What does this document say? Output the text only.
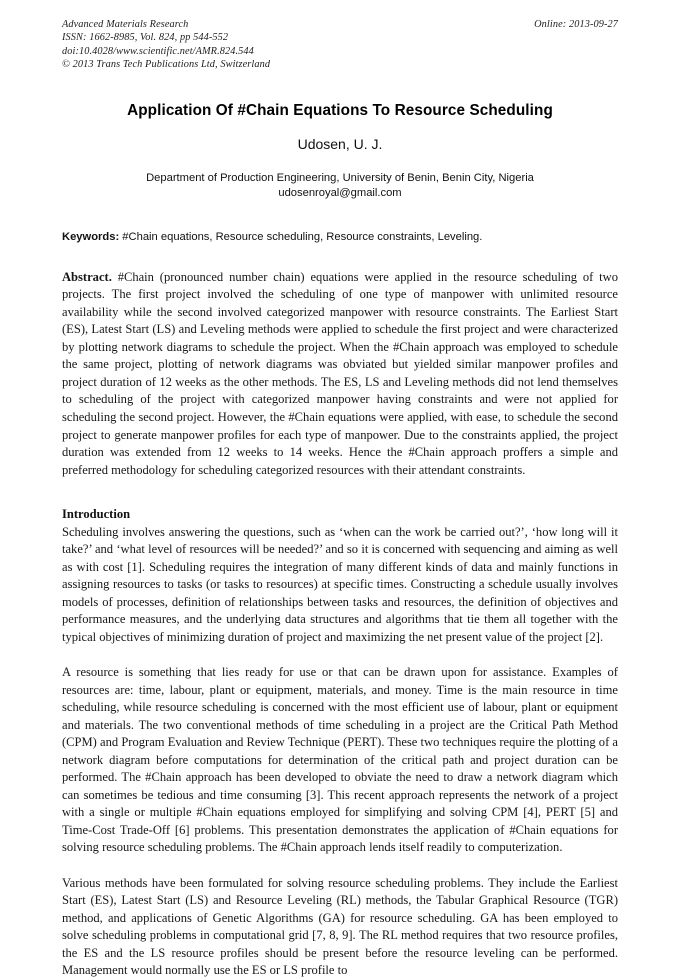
Advanced Materials Research
ISSN: 1662-8985, Vol. 824, pp 544-552
doi:10.4028/www.scientific.net/AMR.824.544
© 2013 Trans Tech Publications Ltd, Switzerland
Online: 2013-09-27
Application Of #Chain Equations To Resource Scheduling
Udosen, U. J.
Department of Production Engineering, University of Benin, Benin City, Nigeria
udosenroyal@gmail.com
Keywords: #Chain equations, Resource scheduling, Resource constraints, Leveling.

Abstract. #Chain (pronounced number chain) equations were applied in the resource scheduling of two projects. The first project involved the scheduling of one type of manpower with unlimited resource availability while the second involved categorized manpower with resource constraints. The Earliest Start (ES), Latest Start (LS) and Leveling methods were applied to schedule the first project and were characterized by plotting network diagrams to schedule the project. When the #Chain approach was employed to schedule the same project, plotting of network diagrams was obviated but yielded similar manpower profiles and project duration of 12 weeks as the other methods. The ES, LS and Leveling methods did not lend themselves to scheduling of the project with categorized manpower having constraints and were not applied for scheduling the second project. However, the #Chain equations were applied, with ease, to schedule the second project to generate manpower profiles for each type of manpower. Due to the constraints applied, the project duration was extended from 12 weeks to 14 weeks. Hence the #Chain approach proffers a simple and preferred methodology for scheduling categorized resources with their attendant constraints.

Introduction

Scheduling involves answering the questions, such as ‘when can the work be carried out?’, ‘how long will it take?’ and ‘what level of resources will be needed?’ and so it is concerned with sequencing and aiming as well as with cost [1]. Scheduling requires the integration of many different kinds of data and mainly functions in assigning resources to tasks (or tasks to resources) at specific times. Constructing a schedule usually involves models of processes, definition of relationships between tasks and resources, the definition of objectives and performance measures, and the underlying data structures and algorithms that tie them all together with the typical objectives of minimizing duration of project and maximizing the net present value of the project [2].

A resource is something that lies ready for use or that can be drawn upon for assistance. Examples of resources are: time, labour, plant or equipment, materials, and money. Time is the main resource in time scheduling, while resource scheduling is concerned with the most efficient use of labour, plant or equipment and materials. The two conventional methods of time scheduling in a project are the Critical Path Method (CPM) and Program Evaluation and Review Technique (PERT). These two techniques require the plotting of a network diagram before computations for determination of the critical path and project duration can be performed. The #Chain approach has been developed to obviate the need to draw a network diagram which can sometimes be tedious and time consuming [3]. This recent approach represents the network of a project with a single or multiple #Chain equations employed for simplifying and solving CPM [4], PERT [5] and Time-Cost Trade-Off [6] problems. This presentation demonstrates the application of #Chain equations for solving resource scheduling problems. The #Chain approach lends itself readily to computerization.

Various methods have been formulated for solving resource scheduling problems. They include the Earliest Start (ES), Latest Start (LS) and Resource Leveling (RL) methods, the Tabular Graphical Resource (TGR) method, and applications of Genetic Algorithms (GA) for resource scheduling. GA has been employed to solve scheduling problems in computational grid [7, 8, 9]. The RL method requires that two resource profiles, the ES and the LS resource profiles should be present before the resource leveling can be performed. Management would normally use the ES or LS profile to
